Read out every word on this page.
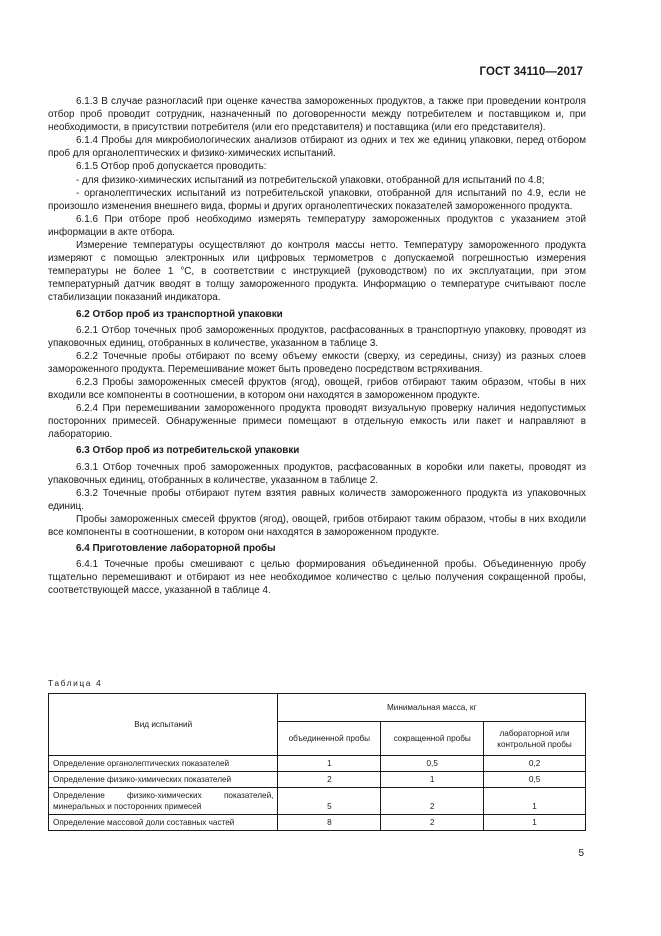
ГОСТ 34110—2017

6.1.3 В случае разногласий при оценке качества замороженных продуктов, а также при проведении контроля отбор проб проводит сотрудник, назначенный по договоренности между потребителем и поставщиком и, при необходимости, в присутствии потребителя (или его представителя) и поставщика (или его представителя).

6.1.4 Пробы для микробиологических анализов отбирают из одних и тех же единиц упаковки, перед отбором проб для органолептических и физико-химических испытаний.

6.1.5 Отбор проб допускается проводить:

- для физико-химических испытаний из потребительской упаковки, отобранной для испытаний по 4.8;

- органолептических испытаний из потребительской упаковки, отобранной для испытаний по 4.9, если не произошло изменения внешнего вида, формы и других органолептических показателей замороженного продукта.

6.1.6 При отборе проб необходимо измерять температуру замороженных продуктов с указанием этой информации в акте отбора.

Измерение температуры осуществляют до контроля массы нетто. Температуру замороженного продукта измеряют с помощью электронных или цифровых термометров с допускаемой погрешностью измерения температуры не более 1 °С, в соответствии с инструкцией (руководством) по их эксплуатации, при этом температурный датчик вводят в толщу замороженного продукта. Информацию о температуре считывают после стабилизации показаний индикатора.

6.2 Отбор проб из транспортной упаковки

6.2.1 Отбор точечных проб замороженных продуктов, расфасованных в транспортную упаковку, проводят из упаковочных единиц, отобранных в количестве, указанном в таблице 3.

6.2.2 Точечные пробы отбирают по всему объему емкости (сверху, из середины, снизу) из разных слоев замороженного продукта. Перемешивание может быть проведено посредством встряхивания.

6.2.3 Пробы замороженных смесей фруктов (ягод), овощей, грибов отбирают таким образом, чтобы в них входили все компоненты в соотношении, в котором они находятся в замороженном продукте.

6.2.4 При перемешивании замороженного продукта проводят визуальную проверку наличия недопустимых посторонних примесей. Обнаруженные примеси помещают в отдельную емкость или пакет и направляют в лабораторию.

6.3 Отбор проб из потребительской упаковки

6.3.1 Отбор точечных проб замороженных продуктов, расфасованных в коробки или пакеты, проводят из упаковочных единиц, отобранных в количестве, указанном в таблице 2.

6.3.2 Точечные пробы отбирают путем взятия равных количеств замороженного продукта из упаковочных единиц.

Пробы замороженных смесей фруктов (ягод), овощей, грибов отбирают таким образом, чтобы в них входили все компоненты в соотношении, в котором они находятся в замороженном продукте.

6.4 Приготовление лабораторной пробы

6.4.1 Точечные пробы смешивают с целью формирования объединенной пробы. Объединенную пробу тщательно перемешивают и отбирают из нее необходимое количество с целью получения сокращенной пробы, соответствующей массе, указанной в таблице 4.

Таблица 4
Вид испытаний	Минимальная масса, кг		
	объединенной пробы	сокращенной пробы	лабораторной или контрольной пробы
Определение органолептических показателей	1	0,5	0,2
Определение физико-химических показателей	2	1	0,5
Определение физико-химических показателей, минеральных и посторонних примесей	5	2	1
Определение массовой доли составных частей	8	2	1
5
